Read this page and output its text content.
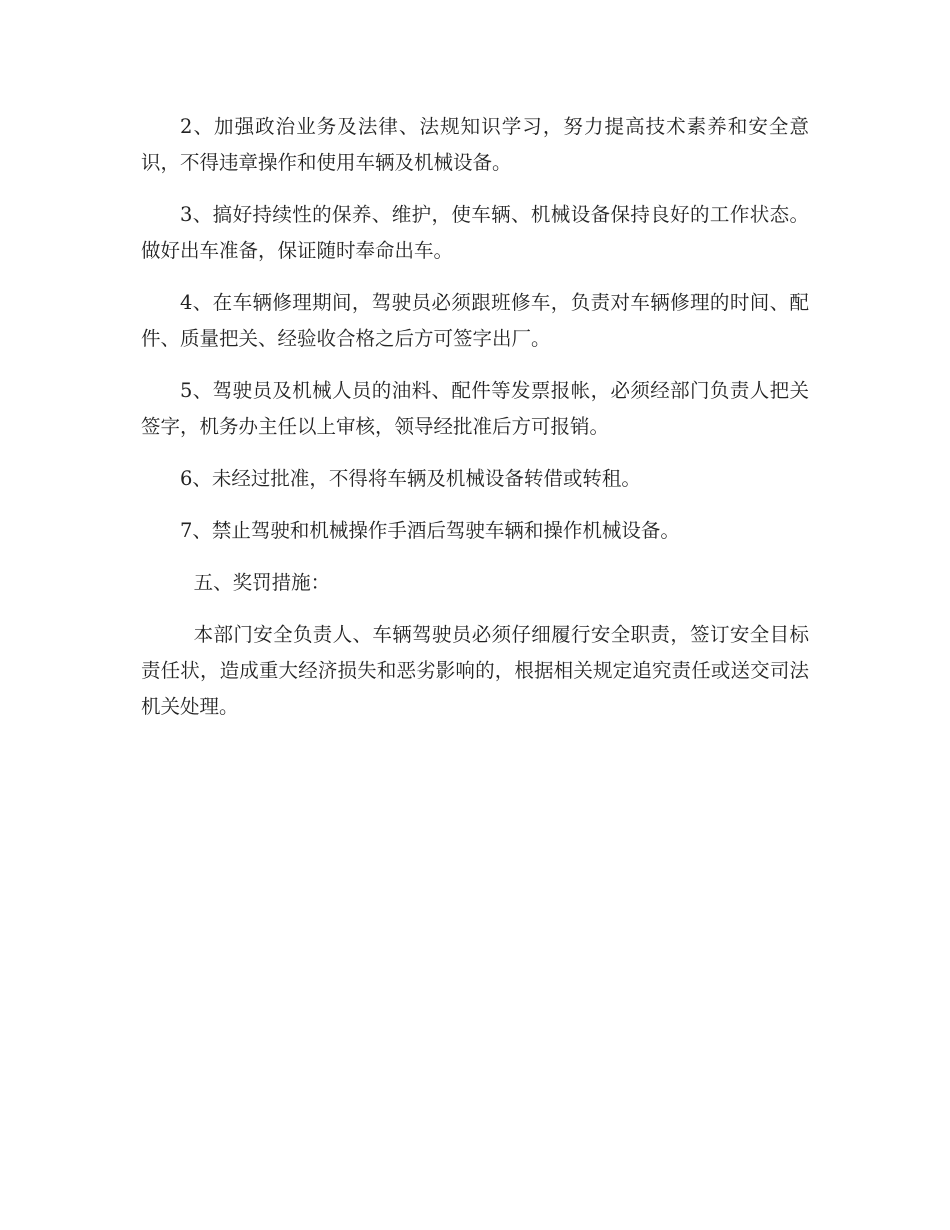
2、加强政治业务及法律、法规知识学习，努力提高技术素养和安全意识，不得违章操作和使用车辆及机械设备。

3、搞好持续性的保养、维护，使车辆、机械设备保持良好的工作状态。做好出车准备，保证随时奉命出车。

4、在车辆修理期间，驾驶员必须跟班修车，负责对车辆修理的时间、配件、质量把关、经验收合格之后方可签字出厂。

5、驾驶员及机械人员的油料、配件等发票报帐，必须经部门负责人把关签字，机务办主任以上审核，领导经批准后方可报销。

6、未经过批准，不得将车辆及机械设备转借或转租。

7、禁止驾驶和机械操作手酒后驾驶车辆和操作机械设备。

五、奖罚措施：

本部门安全负责人、车辆驾驶员必须仔细履行安全职责，签订安全目标责任状，造成重大经济损失和恶劣影响的，根据相关规定追究责任或送交司法机关处理。
